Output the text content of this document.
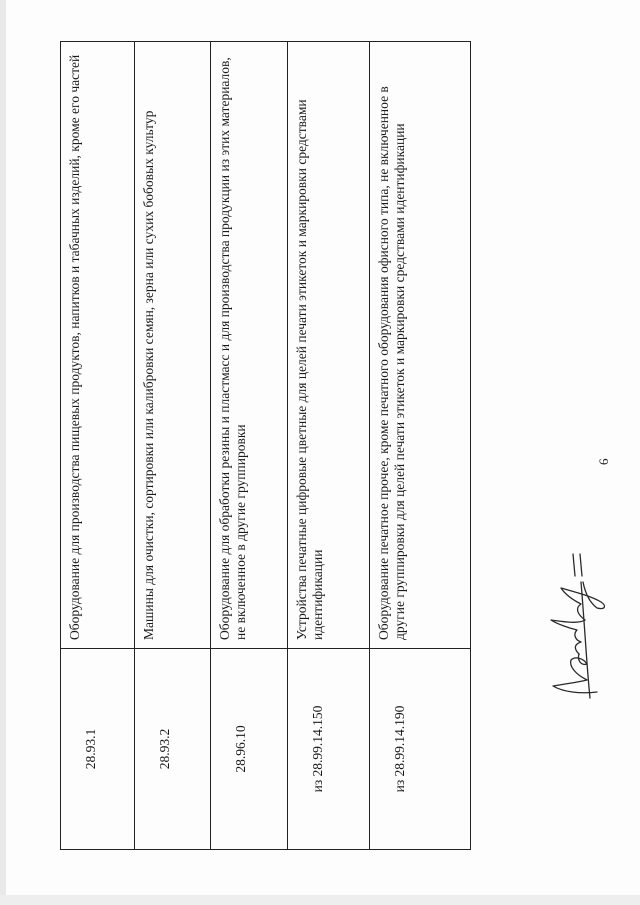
6
28.93.1	Оборудование для производства пищевых продуктов, напитков и табачных изделий, кроме его частей

28.93.2	Машины для очистки, сортировки или калибровки семян, зерна или сухих бобовых культур

28.96.10	Оборудование для обработки резины и пластмасс и для производства продукции из этих материалов, не включенное в другие группировки

из 28.99.14.150	Устройства печатные цифровые цветные для целей печати этикеток и маркировки средствами идентификации

из 28.99.14.190	Оборудование печатное прочее, кроме печатного оборудования офисного типа, не включенное в другие группировки для целей печати этикеток и маркировки средствами идентификации
